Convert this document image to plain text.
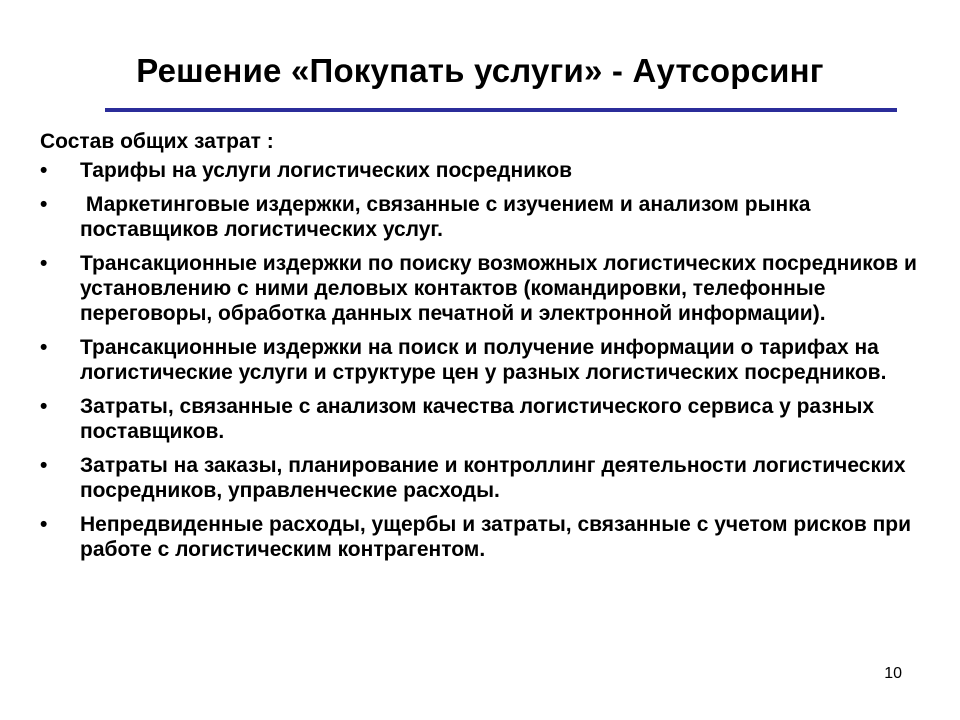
Решение «Покупать услуги» - Аутсорсинг
Состав общих затрат :
• Тарифы на услуги логистических посредников
• Маркетинговые издержки, связанные с изучением и анализом рынка поставщиков логистических услуг.
• Трансакционные издержки по поиску возможных логистических посредников и установлению с ними деловых контактов (командировки, телефонные переговоры, обработка данных печатной и электронной информации).
• Трансакционные издержки на поиск и получение информации о тарифах на логистические услуги и структуре цен у разных логистических посредников.
• Затраты, связанные с анализом качества логистического сервиса у разных поставщиков.
• Затраты на заказы, планирование и контроллинг деятельности логистических посредников, управленческие расходы.
• Непредвиденные расходы, ущербы и затраты, связанные с учетом рисков при работе с логистическим контрагентом.
10
